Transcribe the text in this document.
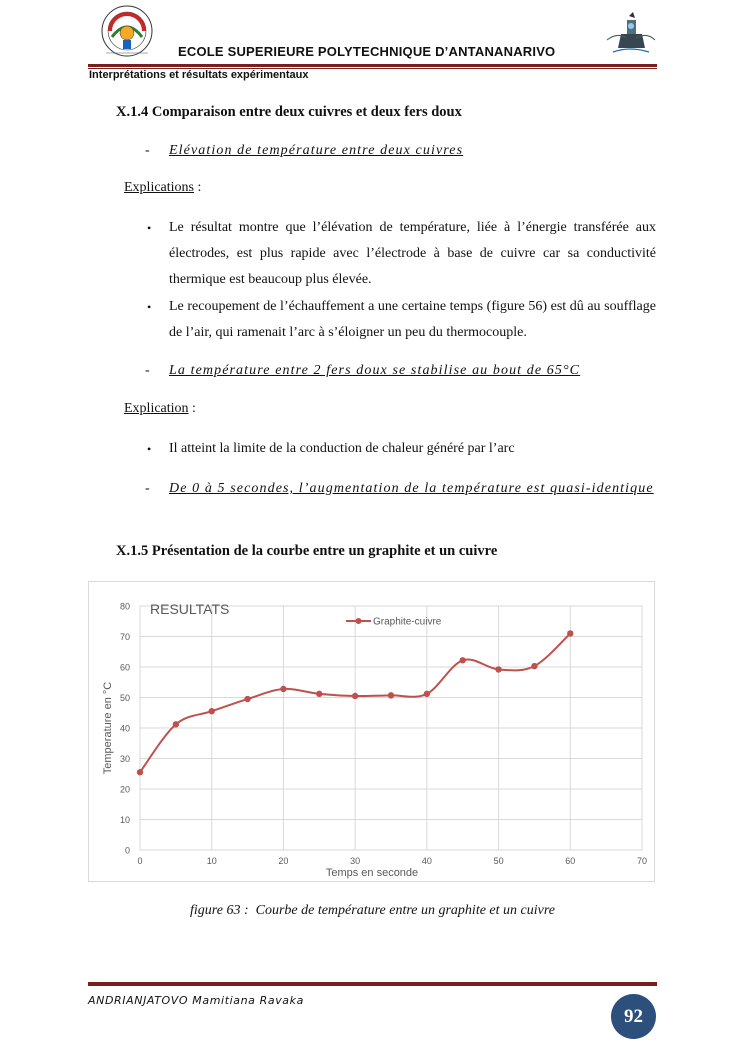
ECOLE SUPERIEURE POLYTECHNIQUE D’ANTANANARIVO
Interprétations et résultats expérimentaux
X.1.4 Comparaison entre deux cuivres et deux fers doux
- Elévation de température entre deux cuivres
Explications :
• Le résultat montre que l’élévation de température, liée à l’énergie transférée aux électrodes, est plus rapide avec l’électrode à base de cuivre car sa conductivité thermique est beaucoup plus élevée.
• Le recoupement de l’échauffement a une certaine temps (figure 56) est dû au soufflage de l’air, qui ramenait l’arc à s’éloigner un peu du thermocouple.
- La température entre 2 fers doux se stabilise au bout de 65°C
Explication :
• Il atteint la limite de la conduction de chaleur généré par l’arc
- De 0 à 5 secondes, l’augmentation de la température est quasi-identique
X.1.5 Présentation de la courbe entre un graphite et un cuivre
0
10
20
30
40
50
60
70
80
0	10	20	30	40	50	60	70
RESULTATS
Graphite-cuivre
Temps en seconde
Temperature en °C
figure 63 : Courbe de température entre un graphite et un cuivre
ANDRIANJATOVO Mamitiana Ravaka
92
